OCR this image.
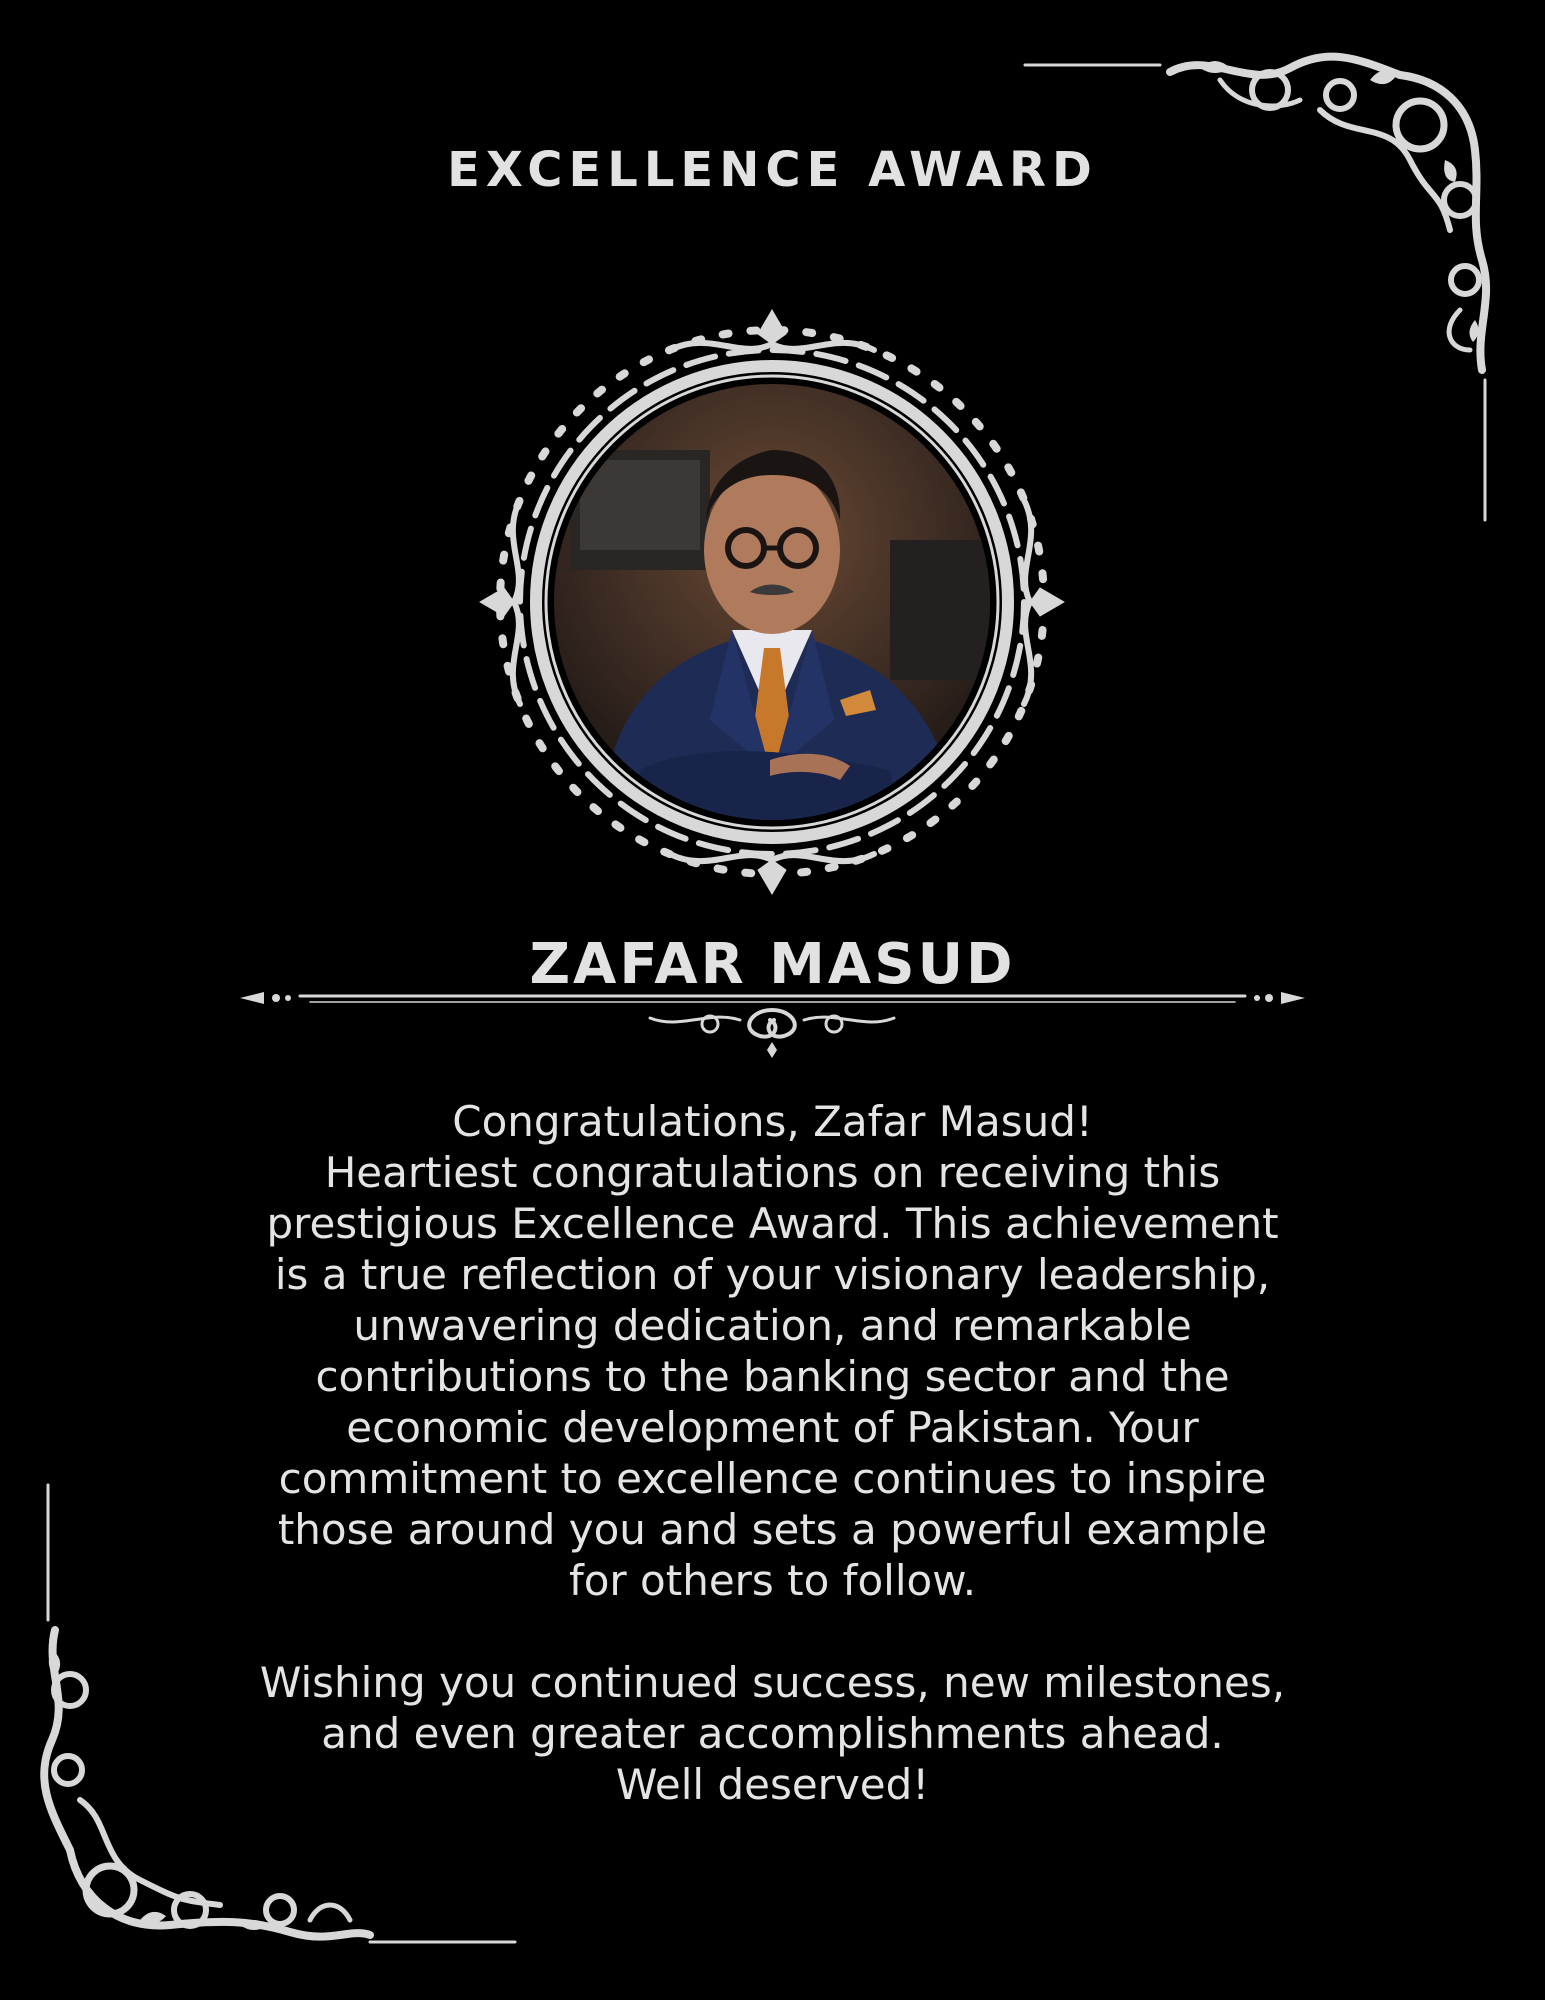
EXCELLENCE AWARD
ZAFAR MASUD

Congratulations, Zafar Masud!

Heartiest congratulations on receiving this

prestigious Excellence Award. This achievement

is a true reflection of your visionary leadership,

unwavering dedication, and remarkable

contributions to the banking sector and the

economic development of Pakistan. Your

commitment to excellence continues to inspire

those around you and sets a powerful example

for others to follow.

Wishing you continued success, new milestones,

and even greater accomplishments ahead.

Well deserved!
